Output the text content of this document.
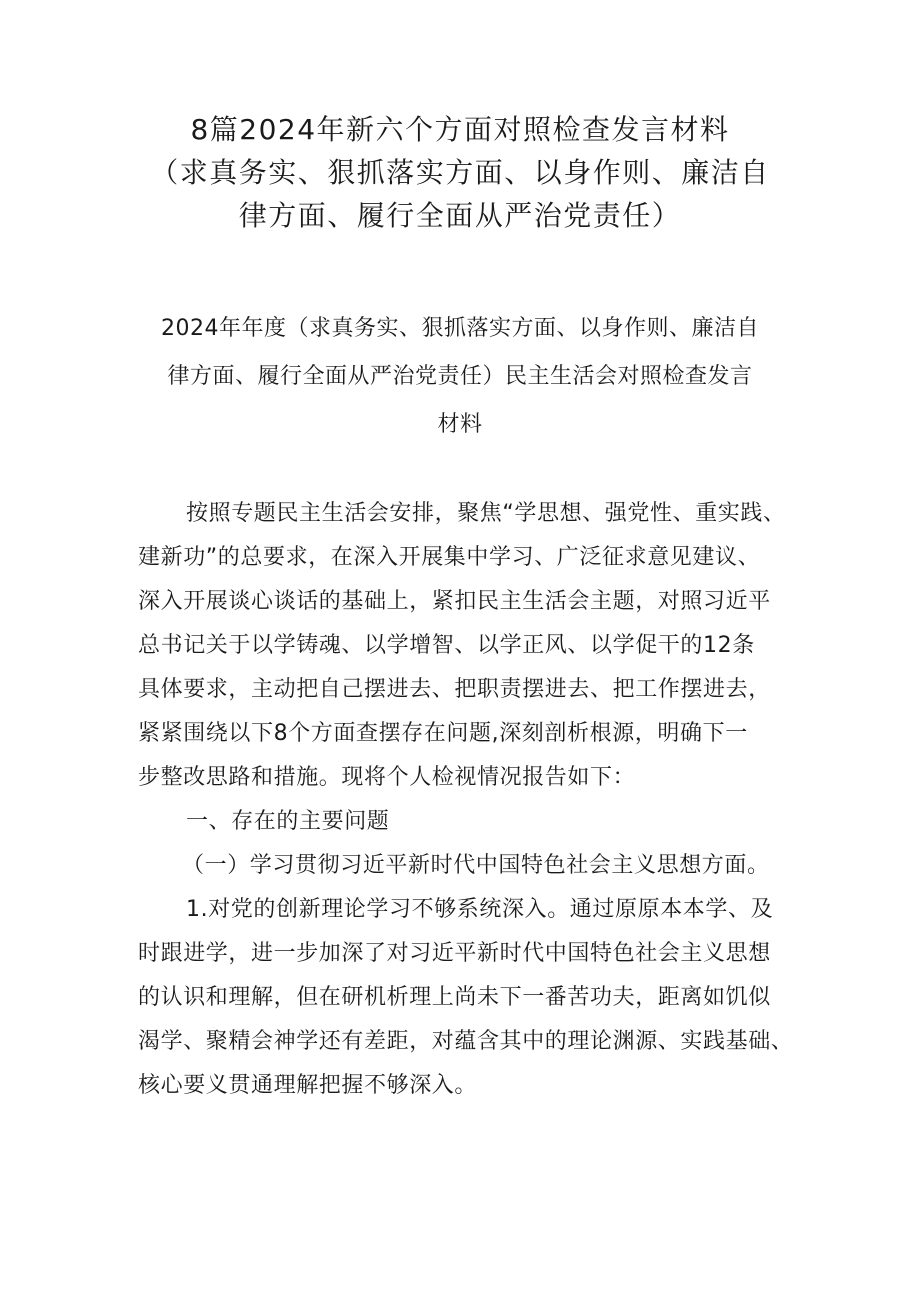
8篇2024年新六个方面对照检查发言材料
（求真务实、狠抓落实方面、以身作则、廉洁自
律方面、履行全面从严治党责任）
2024年年度（求真务实、狠抓落实方面、以身作则、廉洁自
律方面、履行全面从严治党责任）民主生活会对照检查发言
材料
按照专题民主生活会安排，聚焦“学思想、强党性、重实践、
建新功”的总要求，在深入开展集中学习、广泛征求意见建议、
深入开展谈心谈话的基础上，紧扣民主生活会主题，对照习近平
总书记关于以学铸魂、以学增智、以学正风、以学促干的12条
具体要求，主动把自己摆进去、把职责摆进去、把工作摆进去，
紧紧围绕以下8个方面查摆存在问题,深刻剖析根源，明确下一
步整改思路和措施。现将个人检视情况报告如下：
一、存在的主要问题
（一）学习贯彻习近平新时代中国特色社会主义思想方面。
1.对党的创新理论学习不够系统深入。通过原原本本学、及
时跟进学，进一步加深了对习近平新时代中国特色社会主义思想
的认识和理解，但在研机析理上尚未下一番苦功夫，距离如饥似
渴学、聚精会神学还有差距，对蕴含其中的理论渊源、实践基础、
核心要义贯通理解把握不够深入。
